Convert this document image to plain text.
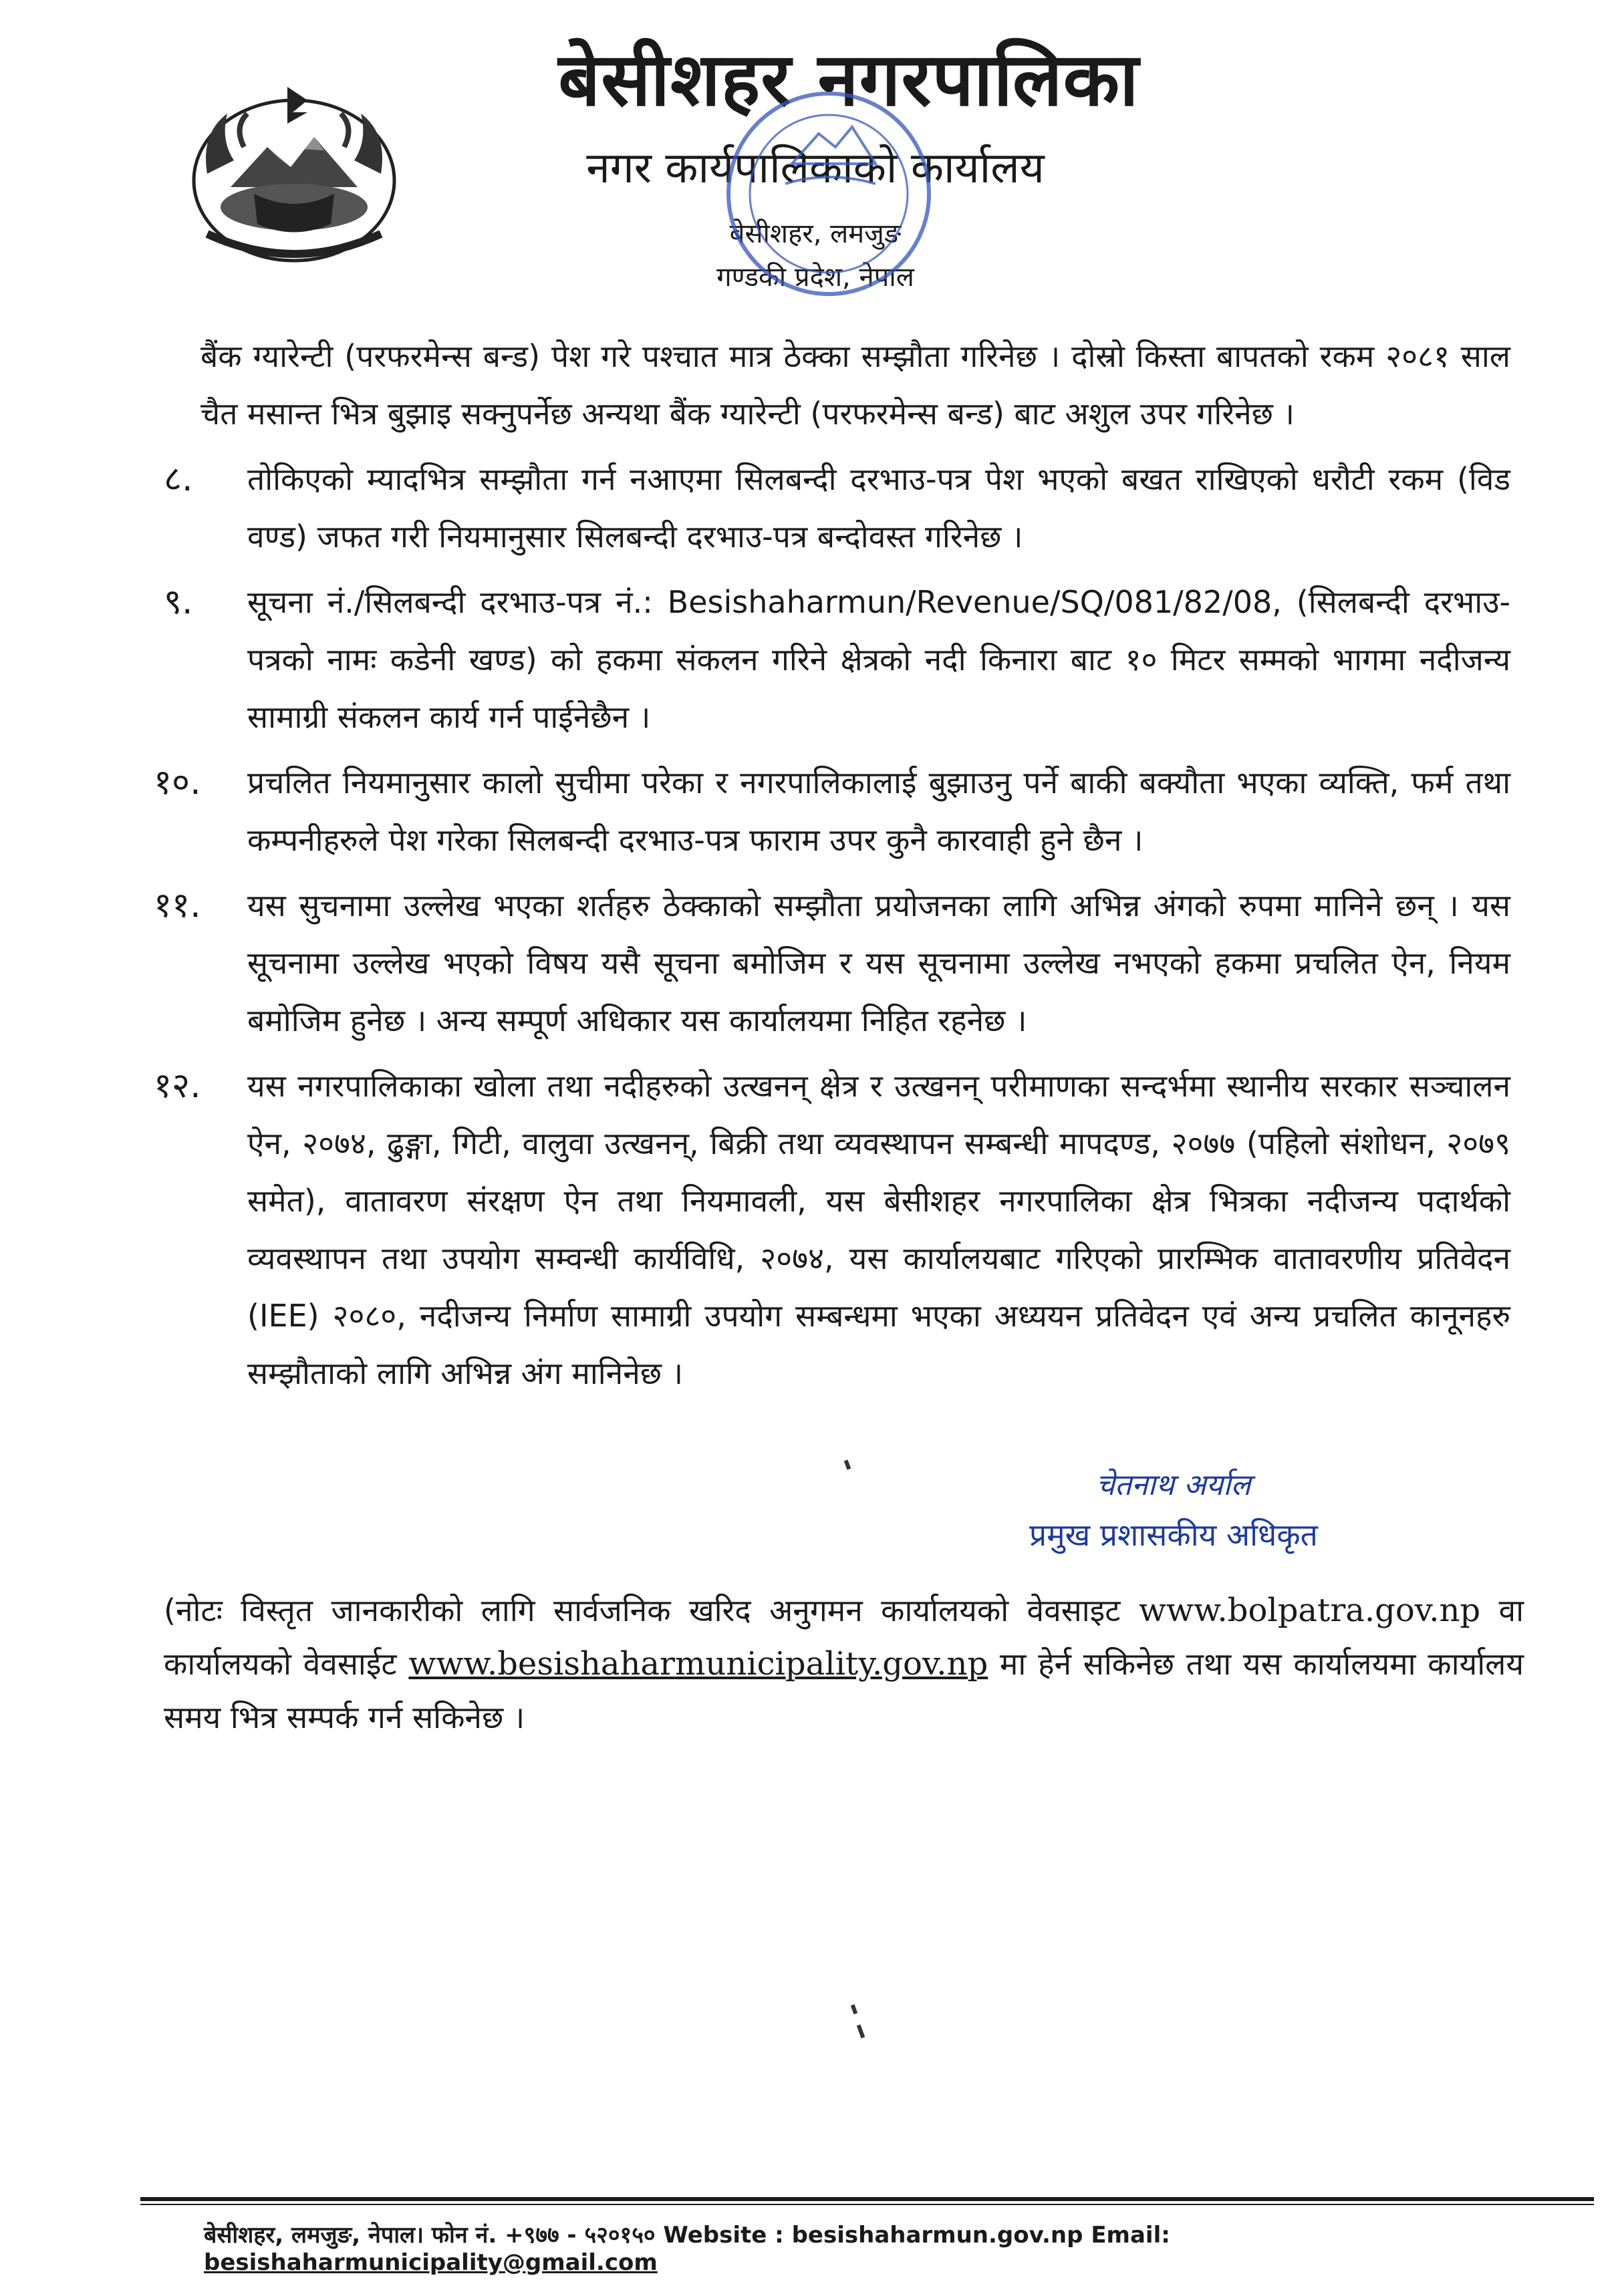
बेसीशहर नगरपालिका
नगर कार्यपालिकाको कार्यालय
बेसीशहर, लमजुङ
गण्डकी प्रदेश, नेपाल

बैंक ग्यारेन्टी (परफरमेन्स बन्ड) पेश गरे पश्चात मात्र ठेक्का सम्झौता गरिनेछ । दोस्रो किस्ता बापतको रकम २०८१ साल चैत मसान्त भित्र बुझाइ सक्नुपर्नेछ अन्यथा बैंक ग्यारेन्टी (परफरमेन्स बन्ड) बाट अशुल उपर गरिनेछ ।

८.	तोकिएको म्यादभित्र सम्झौता गर्न नआएमा सिलबन्दी दरभाउ-पत्र पेश भएको बखत राखिएको धरौटी रकम (विड वण्ड) जफत गरी नियमानुसार सिलबन्दी दरभाउ-पत्र बन्दोवस्त गरिनेछ ।
९.	सूचना नं./सिलबन्दी दरभाउ-पत्र नं.: Besishaharmun/Revenue/SQ/081/82/08, (सिलबन्दी दरभाउ-पत्रको नामः कडेनी खण्ड) को हकमा संकलन गरिने क्षेत्रको नदी किनारा बाट १० मिटर सम्मको भागमा नदीजन्य सामाग्री संकलन कार्य गर्न पाईनेछैन ।
१०.	प्रचलित नियमानुसार कालो सुचीमा परेका र नगरपालिकालाई बुझाउनु पर्ने बाकी बक्यौता भएका व्यक्ति, फर्म तथा कम्पनीहरुले पेश गरेका सिलबन्दी दरभाउ-पत्र फाराम उपर कुनै कारवाही हुने छैन ।
११.	यस सुचनामा उल्लेख भएका शर्तहरु ठेक्काको सम्झौता प्रयोजनका लागि अभिन्न अंगको रुपमा मानिने छन् । यस सूचनामा उल्लेख भएको विषय यसै सूचना बमोजिम र यस सूचनामा उल्लेख नभएको हकमा प्रचलित ऐन, नियम बमोजिम हुनेछ । अन्य सम्पूर्ण अधिकार यस कार्यालयमा निहित रहनेछ ।
१२.	यस नगरपालिकाका खोला तथा नदीहरुको उत्खनन् क्षेत्र र उत्खनन् परीमाणका सन्दर्भमा स्थानीय सरकार सञ्चालन ऐन, २०७४, ढुङ्गा, गिटी, वालुवा उत्खनन्, बिक्री तथा व्यवस्थापन सम्बन्धी मापदण्ड, २०७७ (पहिलो संशोधन, २०७९ समेत), वातावरण संरक्षण ऐन तथा नियमावली, यस बेसीशहर नगरपालिका क्षेत्र भित्रका नदीजन्य पदार्थको व्यवस्थापन तथा उपयोग सम्वन्धी कार्यविधि, २०७४, यस कार्यालयबाट गरिएको प्रारम्भिक वातावरणीय प्रतिवेदन (IEE) २०८०, नदीजन्य निर्माण सामाग्री उपयोग सम्बन्धमा भएका अध्ययन प्रतिवेदन एवं अन्य प्रचलित कानूनहरु सम्झौताको लागि अभिन्न अंग मानिनेछ ।
चेतनाथ अर्याल
प्रमुख प्रशासकीय अधिकृत
(नोटः विस्तृत जानकारीको लागि सार्वजनिक खरिद अनुगमन कार्यालयको वेवसाइट www.bolpatra.gov.np वा कार्यालयको वेवसाईट www.besishaharmunicipality.gov.np मा हेर्न सकिनेछ तथा यस कार्यालयमा कार्यालय समय भित्र सम्पर्क गर्न सकिनेछ ।
बेसीशहर, लमजुङ, नेपाल। फोन नं. +९७७ - ५२०१५० Website : besishaharmun.gov.np Email: besishaharmunicipality@gmail.com
